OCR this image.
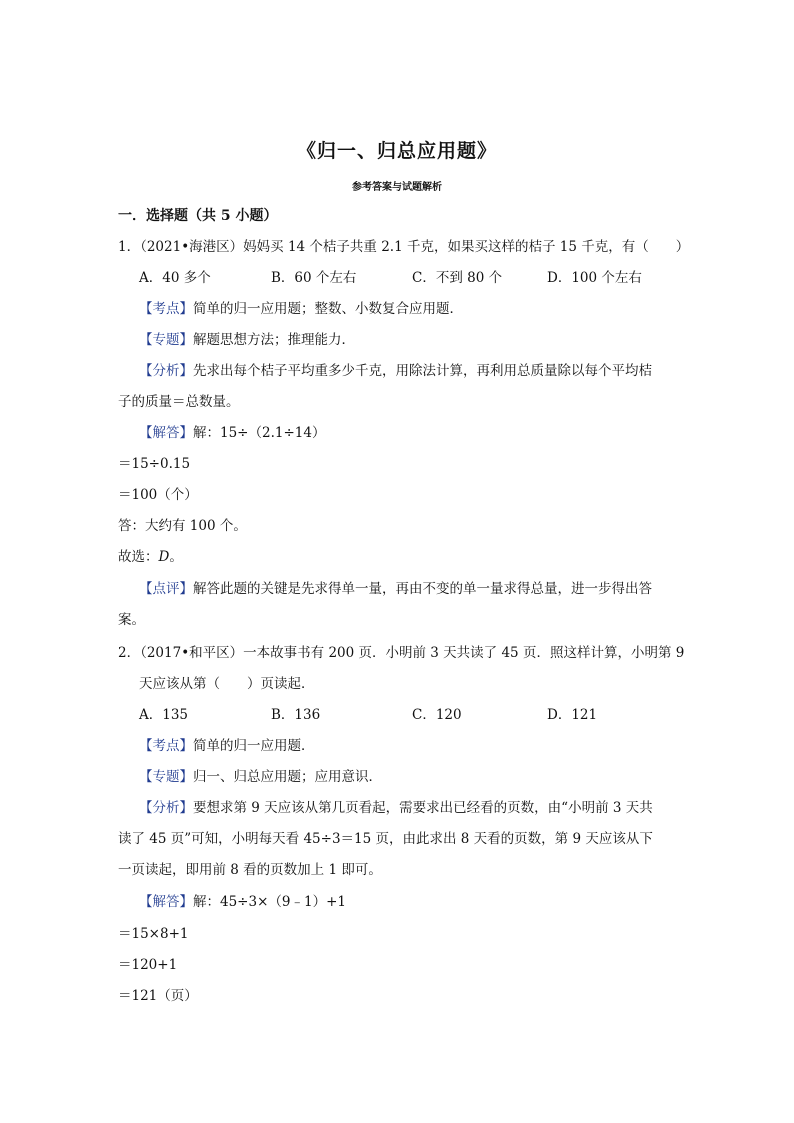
《归一、归总应用题》
参考答案与试题解析
一．选择题（共 5 小题）
1．（2021•海港区）妈妈买 14 个桔子共重 2.1 千克，如果买这样的桔子 15 千克，有（　　）
A．40 多个	B．60 个左右	C．不到 80 个	D．100 个左右
【考点】简单的归一应用题；整数、小数复合应用题．
【专题】解题思想方法；推理能力．
【分析】先求出每个桔子平均重多少千克，用除法计算，再利用总质量除以每个平均桔
子的质量＝总数量。
【解答】解：15÷（2.1÷14）
＝15÷0.15
＝100（个）
答：大约有 100 个。
故选：D。
【点评】解答此题的关键是先求得单一量，再由不变的单一量求得总量，进一步得出答
案。
2．（2017•和平区）一本故事书有 200 页．小明前 3 天共读了 45 页．照这样计算，小明第 9
天应该从第（　　）页读起．
A．135	B．136	C．120	D．121
【考点】简单的归一应用题．
【专题】归一、归总应用题；应用意识．
【分析】要想求第 9 天应该从第几页看起，需要求出已经看的页数，由“小明前 3 天共
读了 45 页”可知，小明每天看 45÷3＝15 页，由此求出 8 天看的页数，第 9 天应该从下
一页读起，即用前 8 看的页数加上 1 即可。
【解答】解：45÷3×（9﹣1）+1
＝15×8+1
＝120+1
＝121（页）
